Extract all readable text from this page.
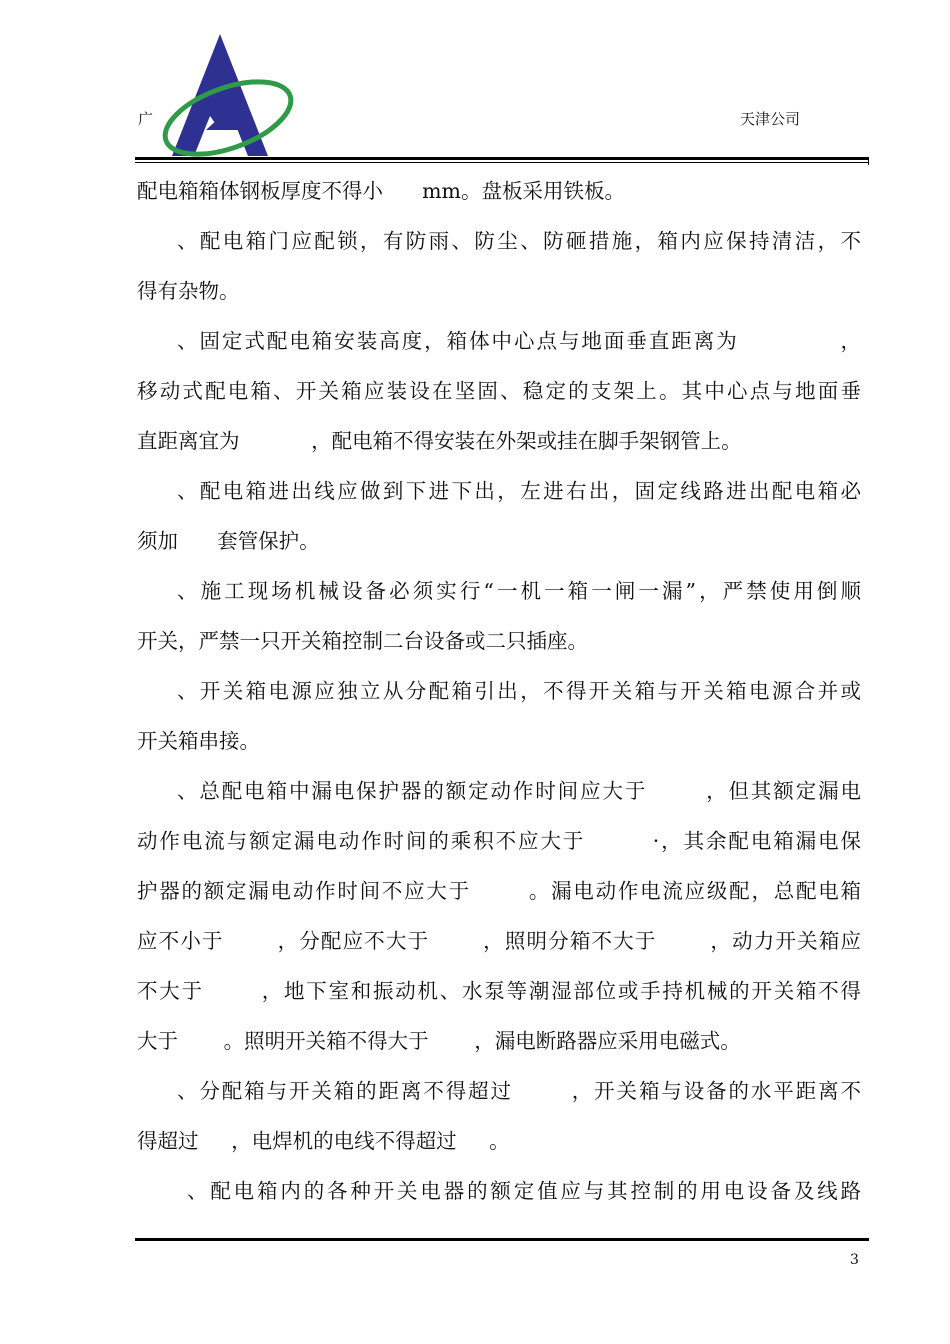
广	天津公司

配电箱箱体钢板厚度不得小      mm。盘板采用铁板。

、配电箱门应配锁，有防雨、防尘、防砸措施，箱内应保持清洁，不
得有杂物。

、固定式配电箱安装高度，箱体中心点与地面垂直距离为            ，
移动式配电箱、开关箱应装设在坚固、稳定的支架上。其中心点与地面垂
直距离宜为           ，配电箱不得安装在外架或挂在脚手架钢管上。

、配电箱进出线应做到下进下出，左进右出，固定线路进出配电箱必
须加      套管保护。

、施工现场机械设备必须实行“一机一箱一闸一漏”，严禁使用倒顺
开关，严禁一只开关箱控制二台设备或二只插座。

、开关箱电源应独立从分配箱引出，不得开关箱与开关箱电源合并或
开关箱串接。

、总配电箱中漏电保护器的额定动作时间应大于       ，但其额定漏电
动作电流与额定漏电动作时间的乘积不应大于        ·，其余配电箱漏电保
护器的额定漏电动作时间不应大于       。漏电动作电流应级配，总配电箱
应不小于       ，分配应不大于       ，照明分箱不大于       ，动力开关箱应
不大于       ，地下室和振动机、水泵等潮湿部位或手持机械的开关箱不得
大于       。照明开关箱不得大于       ，漏电断路器应采用电磁式。

、分配箱与开关箱的距离不得超过       ，开关箱与设备的水平距离不
得超过     ，电焊机的电线不得超过     。

、配电箱内的各种开关电器的额定值应与其控制的用电设备及线路

3
